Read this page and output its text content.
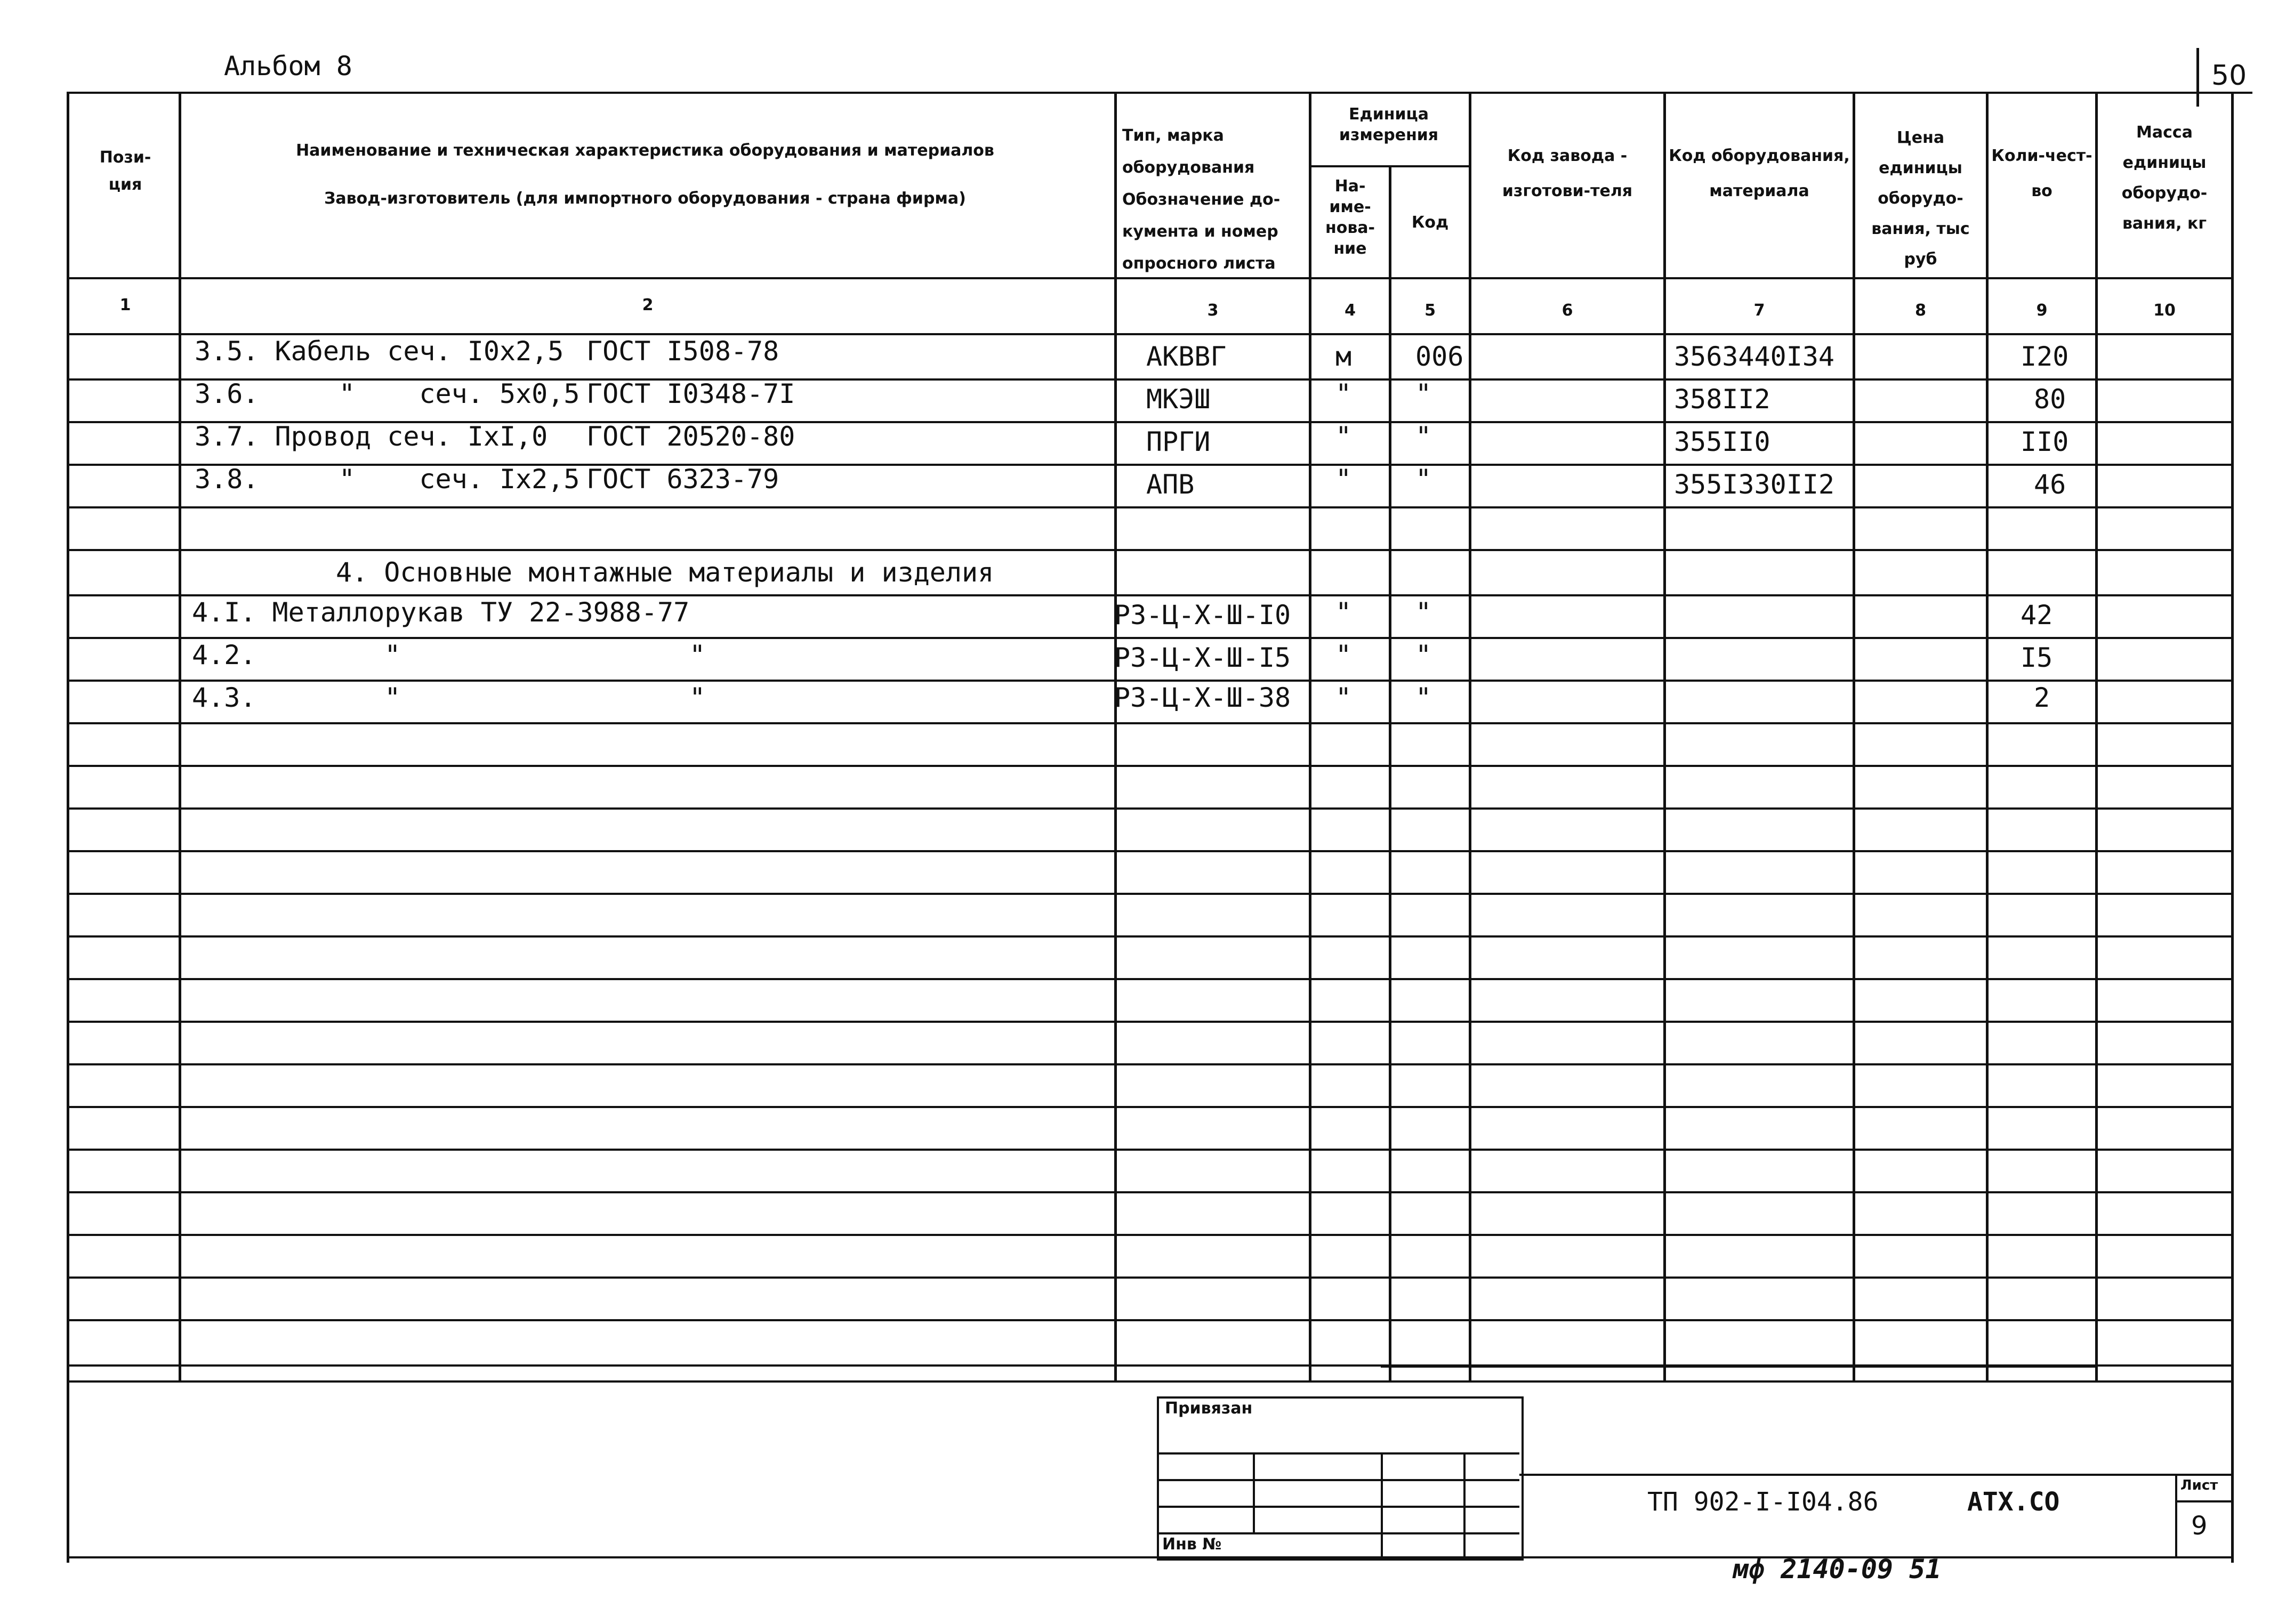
Альбом 8	50
Пози-
ция
Наименование и техническая характеристика оборудования и материалов
Завод-изготовитель (для импортного оборудования - страна фирма)
Тип, марка оборудования Обозначение до-кумента и номер опросного листа
Единица измерения
На-име-нова-ние
Код
Код завода - изготови-теля
Код оборудования, материала
Цена единицы оборудо-вания, тыс руб
Коли-чест-во
Масса единицы оборудо-вания, кг
1	2	3	4	5	6	7	8	9	10
3.5. Кабель сеч. I0x2,5 ГОСТ I508-78	АКВВГ	м 006	3563440I34	I20
3.6.     "    сеч. 5x0,5 ГОСТ I0348-7I	МКЭШ	" "	358II2	80
3.7. Провод сеч. IxI,0 ГОСТ 20520-80	ПРГИ	" "	355II0	II0
3.8.     "    сеч. Ix2,5 ГОСТ 6323-79	АПВ	" "	355I330II2	46
4. Основные монтажные материалы и изделия
4.I. Металлорукав ТУ 22-3988-77	РЗ-Ц-Х-Ш-I0 " "	42
4.2.        "                  "	РЗ-Ц-Х-Ш-I5 " "	I5
4.3.        "                  "	РЗ-Ц-Х-Ш-38 " "	2
Привязан
Инв №
ТП 902-I-I04.86	АТХ.СО
Лист
9
мф 2140-09 51
